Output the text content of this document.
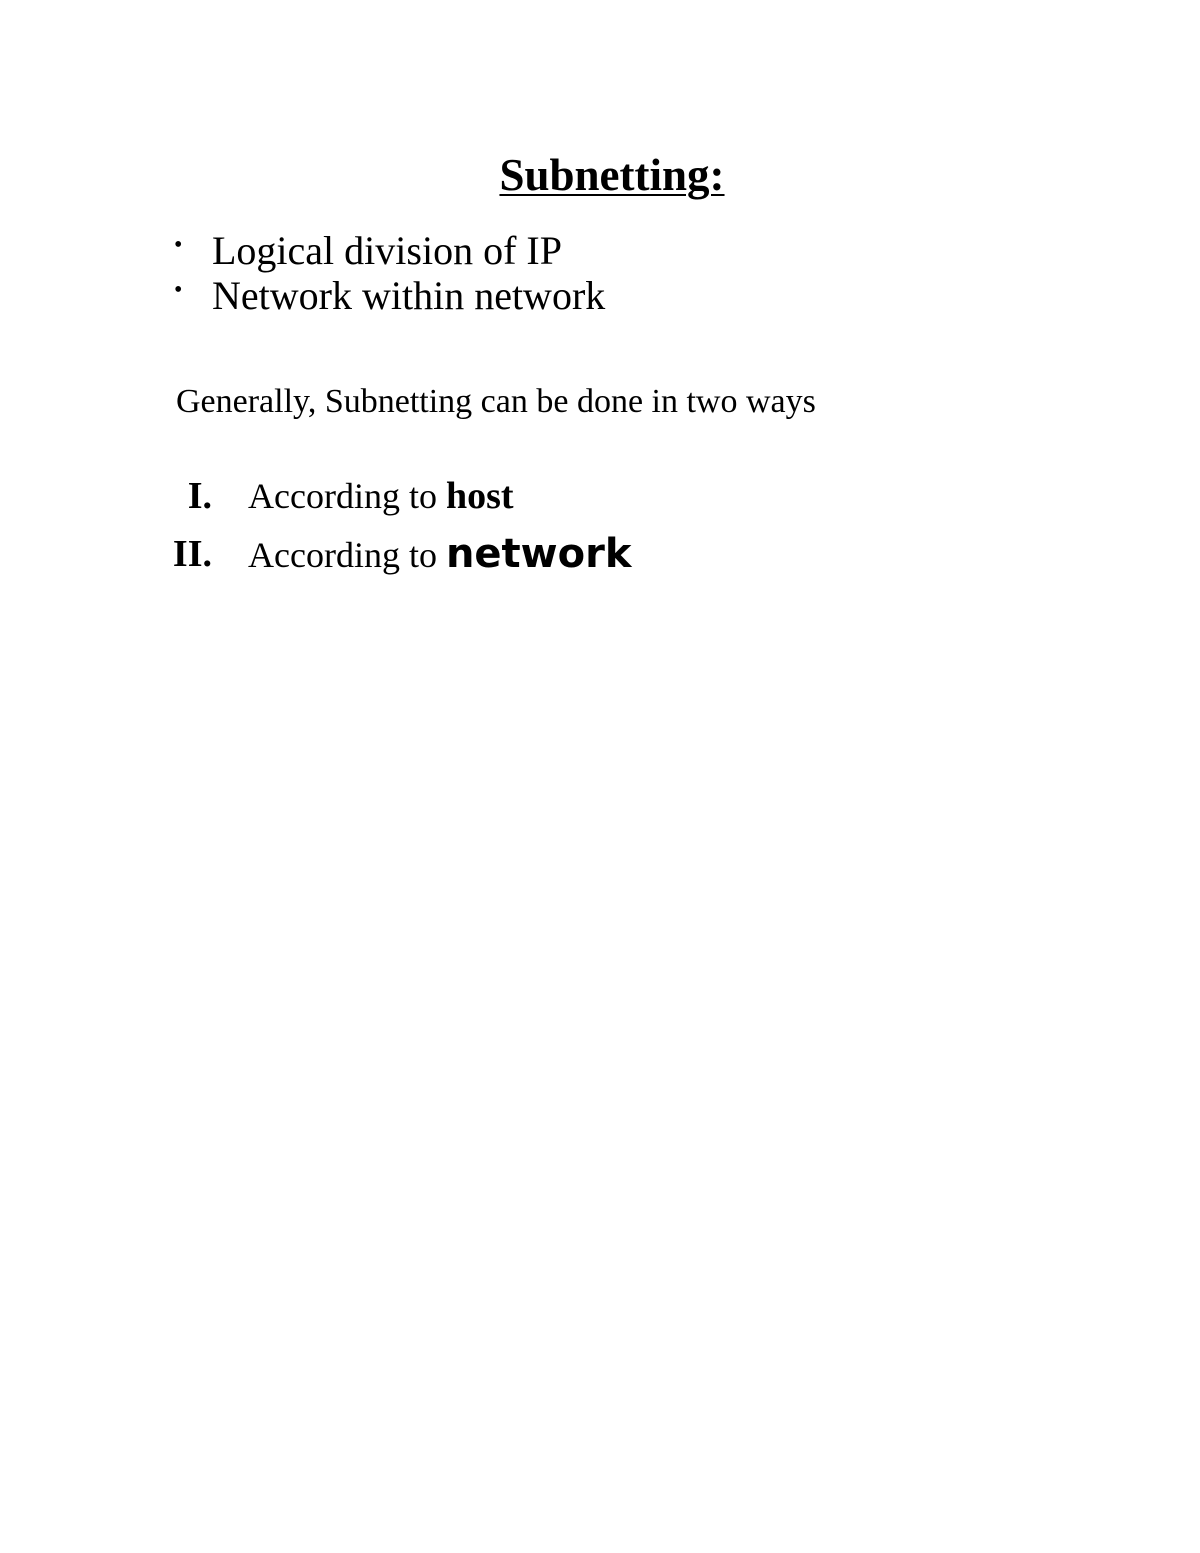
Subnetting:
• Logical division of IP
• Network within network
Generally, Subnetting can be done in two ways
I. According to host
II. According to network
